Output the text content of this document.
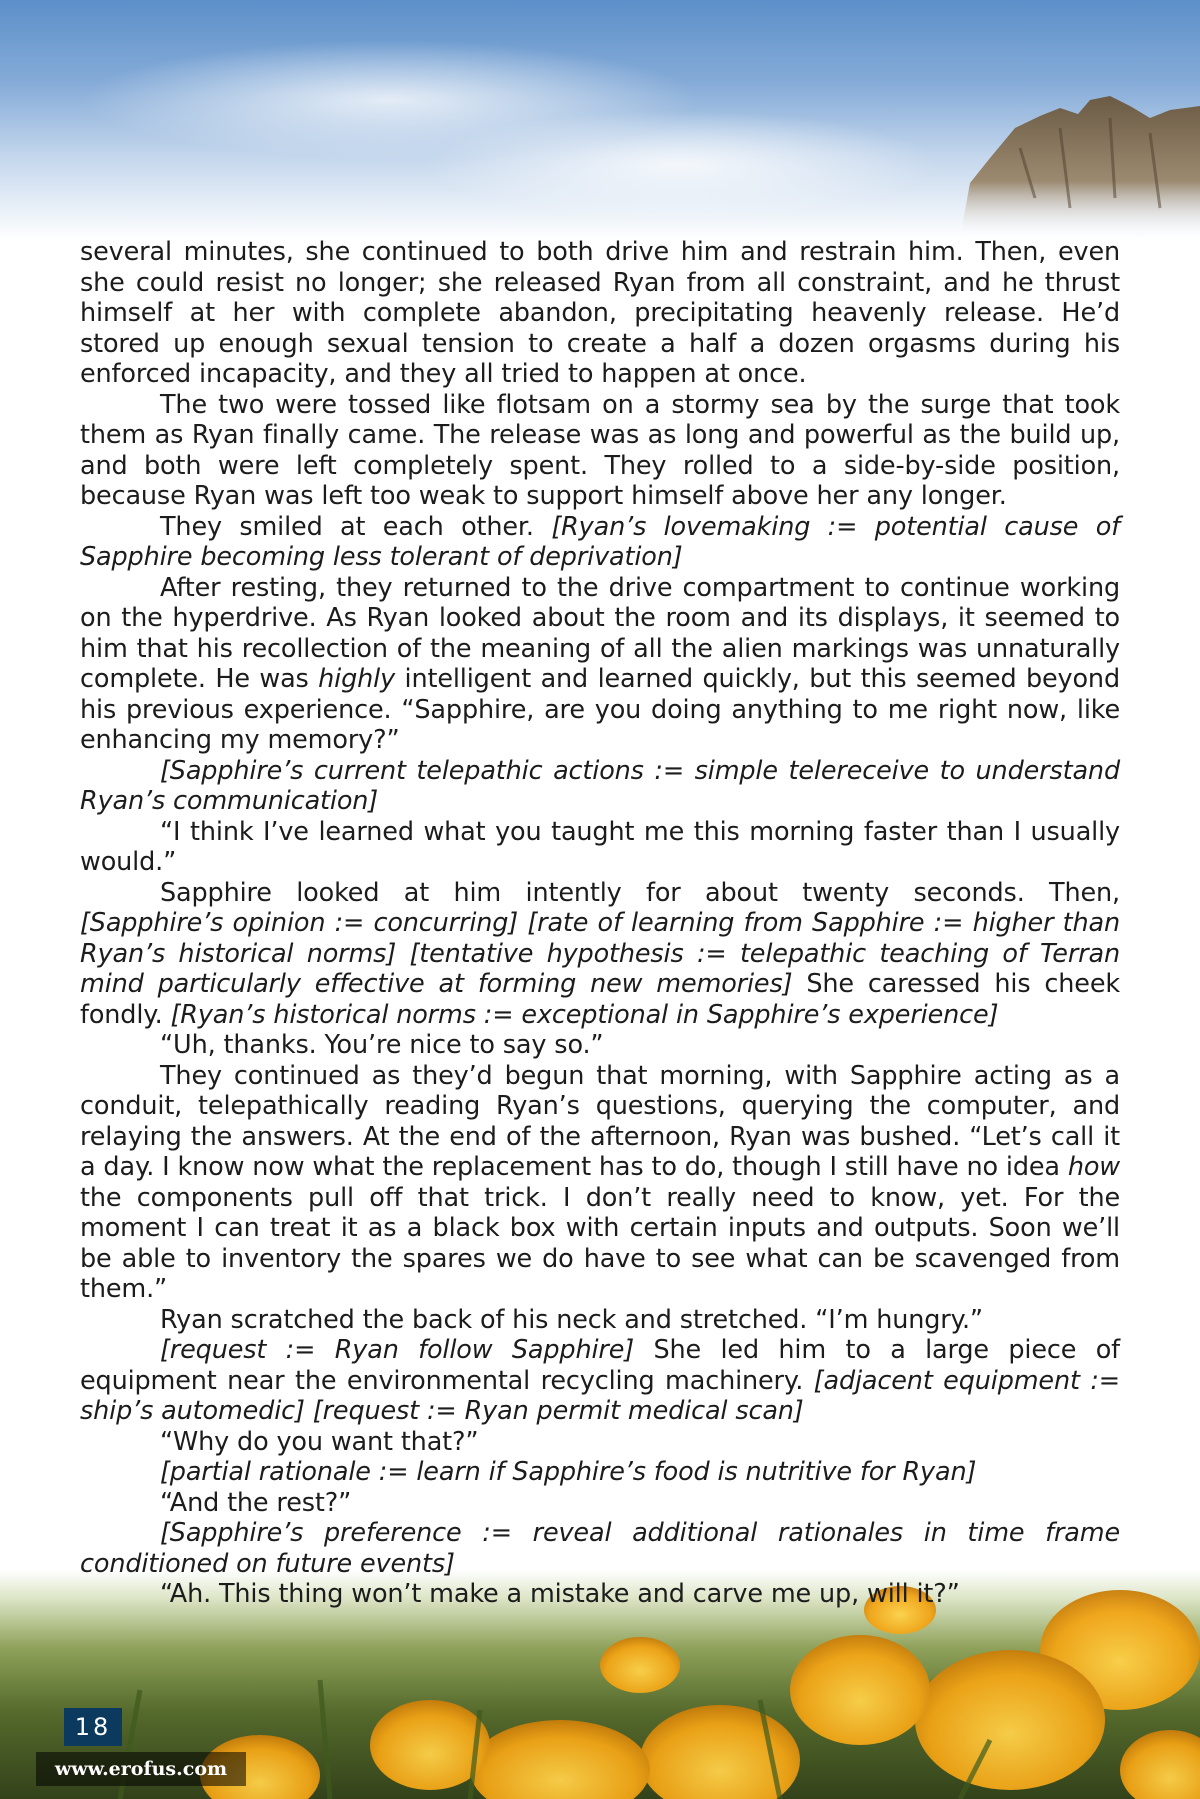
several minutes, she continued to both drive him and restrain him. Then, even she could resist no longer; she released Ryan from all constraint, and he thrust himself at her with complete abandon, precipitating heavenly release. He’d stored up enough sexual tension to create a half a dozen orgasms during his enforced incapacity, and they all tried to happen at once.

The two were tossed like flotsam on a stormy sea by the surge that took them as Ryan finally came. The release was as long and powerful as the build up, and both were left completely spent. They rolled to a side-by-side position, because Ryan was left too weak to support himself above her any longer.

They smiled at each other. [Ryan’s lovemaking := potential cause of Sapphire becoming less tolerant of deprivation]

After resting, they returned to the drive compartment to continue working on the hyperdrive. As Ryan looked about the room and its displays, it seemed to him that his recollection of the meaning of all the alien markings was unnaturally complete. He was highly intelligent and learned quickly, but this seemed beyond his previous experience. “Sapphire, are you doing anything to me right now, like enhancing my memory?”

[Sapphire’s current telepathic actions := simple telereceive to understand Ryan’s communication]

“I think I’ve learned what you taught me this morning faster than I usually would.”

Sapphire looked at him intently for about twenty seconds. Then, [Sapphire’s opinion := concurring] [rate of learning from Sapphire := higher than Ryan’s historical norms] [tentative hypothesis := telepathic teaching of Terran mind particularly effective at forming new memories] She caressed his cheek fondly. [Ryan’s historical norms := exceptional in Sapphire’s experience]

“Uh, thanks. You’re nice to say so.”

They continued as they’d begun that morning, with Sapphire acting as a conduit, telepathically reading Ryan’s questions, querying the computer, and relaying the answers. At the end of the afternoon, Ryan was bushed. “Let’s call it a day. I know now what the replacement has to do, though I still have no idea how the components pull off that trick. I don’t really need to know, yet. For the moment I can treat it as a black box with certain inputs and outputs. Soon we’ll be able to inventory the spares we do have to see what can be scavenged from them.”

Ryan scratched the back of his neck and stretched. “I’m hungry.”

[request := Ryan follow Sapphire] She led him to a large piece of equipment near the environmental recycling machinery. [adjacent equipment := ship’s automedic] [request := Ryan permit medical scan]

“Why do you want that?”

[partial rationale := learn if Sapphire’s food is nutritive for Ryan]

“And the rest?”

[Sapphire’s preference := reveal additional rationales in time frame conditioned on future events]

“Ah. This thing won’t make a mistake and carve me up, will it?”

18
www.erofus.com
